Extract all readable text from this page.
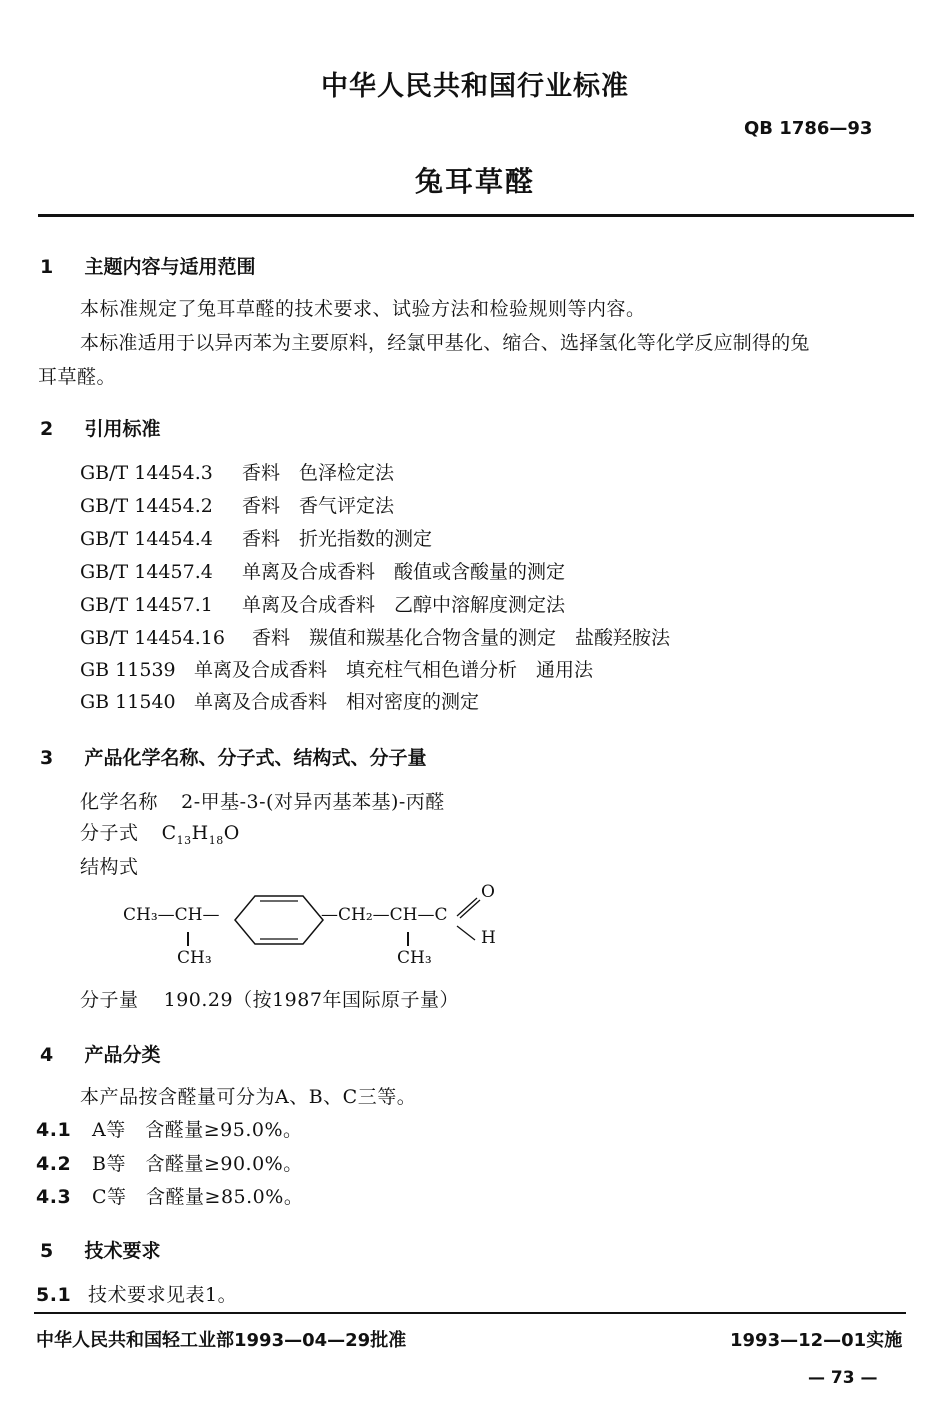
中华人民共和国行业标准
QB 1786—93
兔耳草醛
1 主题内容与适用范围
本标准规定了兔耳草醛的技术要求、试验方法和检验规则等内容。
本标准适用于以异丙苯为主要原料，经氯甲基化、缩合、选择氢化等化学反应制得的兔
耳草醛。
2 引用标准
GB/T 14454.3 香料　色泽检定法
GB/T 14454.2 香料　香气评定法
GB/T 14454.4 香料　折光指数的测定
GB/T 14457.4 单离及合成香料　酸值或含酸量的测定
GB/T 14457.1 单离及合成香料　乙醇中溶解度测定法
GB/T 14454.16 香料　羰值和羰基化合物含量的测定　盐酸羟胺法
GB 11539 单离及合成香料　填充柱气相色谱分析　通用法
GB 11540 单离及合成香料　相对密度的测定
3 产品化学名称、分子式、结构式、分子量
化学名称 2-甲基-3-(对异丙基苯基)-丙醛
分子式 $C_{13}H_{18}O$
结构式
CH₃—CH—	—CH₂—CH—C
O
H
CH₃	CH₃
分子量 190.29（按1987年国际原子量）
4 产品分类
本产品按含醛量可分为A、B、C三等。
4.1 A等　含醛量≥95.0%。
4.2 B等　含醛量≥90.0%。
4.3 C等　含醛量≥85.0%。
5 技术要求
5.1 技术要求见表1。
中华人民共和国轻工业部1993—04—29批准	1993—12—01实施
— 73 —
